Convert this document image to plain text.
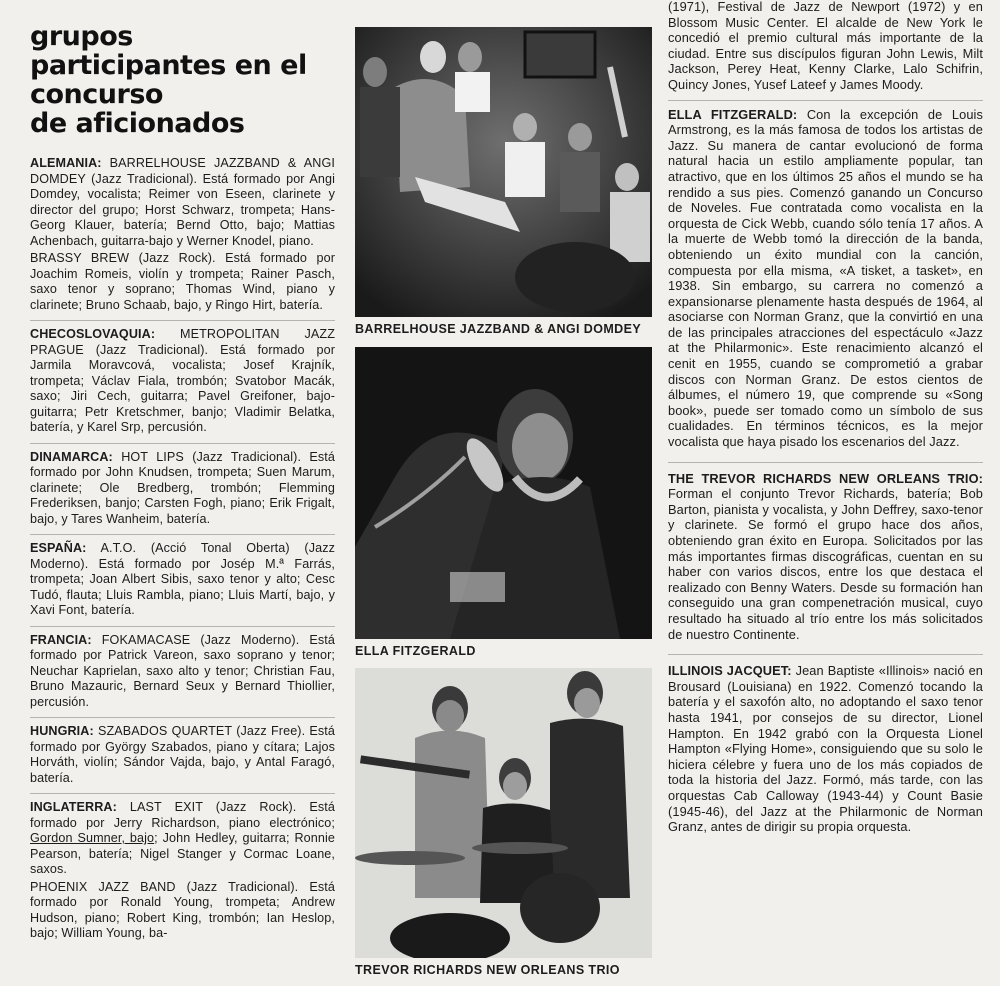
grupos
participantes en el
concurso
de aficionados
ALEMANIA: BARRELHOUSE JAZZBAND & ANGI DOMDEY (Jazz Tradicional). Está formado por Angi Domdey, vocalista; Reimer von Eseen, clarinete y director del grupo; Horst Schwarz, trompeta; Hans-Georg Klauer, batería; Bernd Otto, bajo; Mattias Achenbach, guitarra-bajo y Werner Knodel, piano.
BRASSY BREW (Jazz Rock). Está formado por Joachim Romeis, violín y trompeta; Rainer Pasch, saxo tenor y soprano; Thomas Wind, piano y clarinete; Bruno Schaab, bajo, y Ringo Hirt, batería.
CHECOSLOVAQUIA: METROPOLITAN JAZZ PRAGUE (Jazz Tradicional). Está formado por Jarmila Moravcová, vocalista; Josef Krajník, trompeta; Václav Fiala, trombón; Svatobor Macák, saxo; Jiri Cech, guitarra; Pavel Greifoner, bajo-guitarra; Petr Kretschmer, banjo; Vladimir Belatka, batería, y Karel Srp, percusión.
DINAMARCA: HOT LIPS (Jazz Tradicional). Está formado por John Knudsen, trompeta; Suen Marum, clarinete; Ole Bredberg, trombón; Flemming Frederiksen, banjo; Carsten Fogh, piano; Erik Frigalt, bajo, y Tares Wanheim, batería.
ESPAÑA: A.T.O. (Acció Tonal Oberta) (Jazz Moderno). Está formado por Josép M.ª Farrás, trompeta; Joan Albert Sibis, saxo tenor y alto; Cesc Tudó, flauta; Lluis Rambla, piano; Lluis Martí, bajo, y Xavi Font, batería.
FRANCIA: FOKAMACASE (Jazz Moderno). Está formado por Patrick Vareon, saxo soprano y tenor; Neuchar Kaprielan, saxo alto y tenor; Christian Fau, Bruno Mazauric, Bernard Seux y Bernard Thiollier, percusión.
HUNGRIA: SZABADOS QUARTET (Jazz Free). Está formado por György Szabados, piano y cítara; Lajos Horváth, violín; Sándor Vajda, bajo, y Antal Faragó, batería.
INGLATERRA: LAST EXIT (Jazz Rock). Está formado por Jerry Richardson, piano electrónico; Gordon Sumner, bajo; John Hedley, guitarra; Ronnie Pearson, batería; Nigel Stanger y Cormac Loane, saxos.
PHOENIX JAZZ BAND (Jazz Tradicional). Está formado por Ronald Young, trompeta; Andrew Hudson, piano; Robert King, trombón; Ian Heslop, bajo; William Young, ba-
BARRELHOUSE JAZZBAND & ANGI DOMDEY
ELLA FITZGERALD
TREVOR RICHARDS NEW ORLEANS TRIO
(1971), Festival de Jazz de Newport (1972) y en Blossom Music Center. El alcalde de New York le concedió el premio cultural más importante de la ciudad. Entre sus discípulos figuran John Lewis, Milt Jackson, Perey Heat, Kenny Clarke, Lalo Schifrin, Quincy Jones, Yusef Lateef y James Moody.
ELLA FITZGERALD: Con la excepción de Louis Armstrong, es la más famosa de todos los artistas de Jazz. Su manera de cantar evolucionó de forma natural hacia un estilo ampliamente popular, tan atractivo, que en los últimos 25 años el mundo se ha rendido a sus pies. Comenzó ganando un Concurso de Noveles. Fue contratada como vocalista en la orquesta de Cick Webb, cuando sólo tenía 17 años. A la muerte de Webb tomó la dirección de la banda, obteniendo un éxito mundial con la canción, compuesta por ella misma, «A tisket, a tasket», en 1938. Sin embargo, su carrera no comenzó a expansionarse plenamente hasta después de 1964, al asociarse con Norman Granz, que la convirtió en una de las principales atracciones del espectáculo «Jazz at the Philarmonic». Este renacimiento alcanzó el cenit en 1955, cuando se comprometió a grabar discos con Norman Granz. De estos cientos de álbumes, el número 19, que comprende su «Song book», puede ser tomado como un símbolo de sus cualidades. En términos técnicos, es la mejor vocalista que haya pisado los escenarios del Jazz.
THE TREVOR RICHARDS NEW ORLEANS TRIO: Forman el conjunto Trevor Richards, batería; Bob Barton, pianista y vocalista, y John Deffrey, saxo-tenor y clarinete. Se formó el grupo hace dos años, obteniendo gran éxito en Europa. Solicitados por las más importantes firmas discográficas, cuentan en su haber con varios discos, entre los que destaca el realizado con Benny Waters. Desde su formación han conseguido una gran compenetración musical, cuyo resultado ha situado al trío entre los más solicitados de nuestro Continente.
ILLINOIS JACQUET: Jean Baptiste «Illinois» nació en Brousard (Louisiana) en 1922. Comenzó tocando la batería y el saxofón alto, no adoptando el saxo tenor hasta 1941, por consejos de su director, Lionel Hampton. En 1942 grabó con la Orquesta Lionel Hampton «Flying Home», consiguiendo que su solo le hiciera célebre y fuera uno de los más copiados de toda la historia del Jazz. Formó, más tarde, con las orquestas Cab Calloway (1943-44) y Count Basie (1945-46), del Jazz at the Philarmonic de Norman Granz, antes de dirigir su propia orquesta.
